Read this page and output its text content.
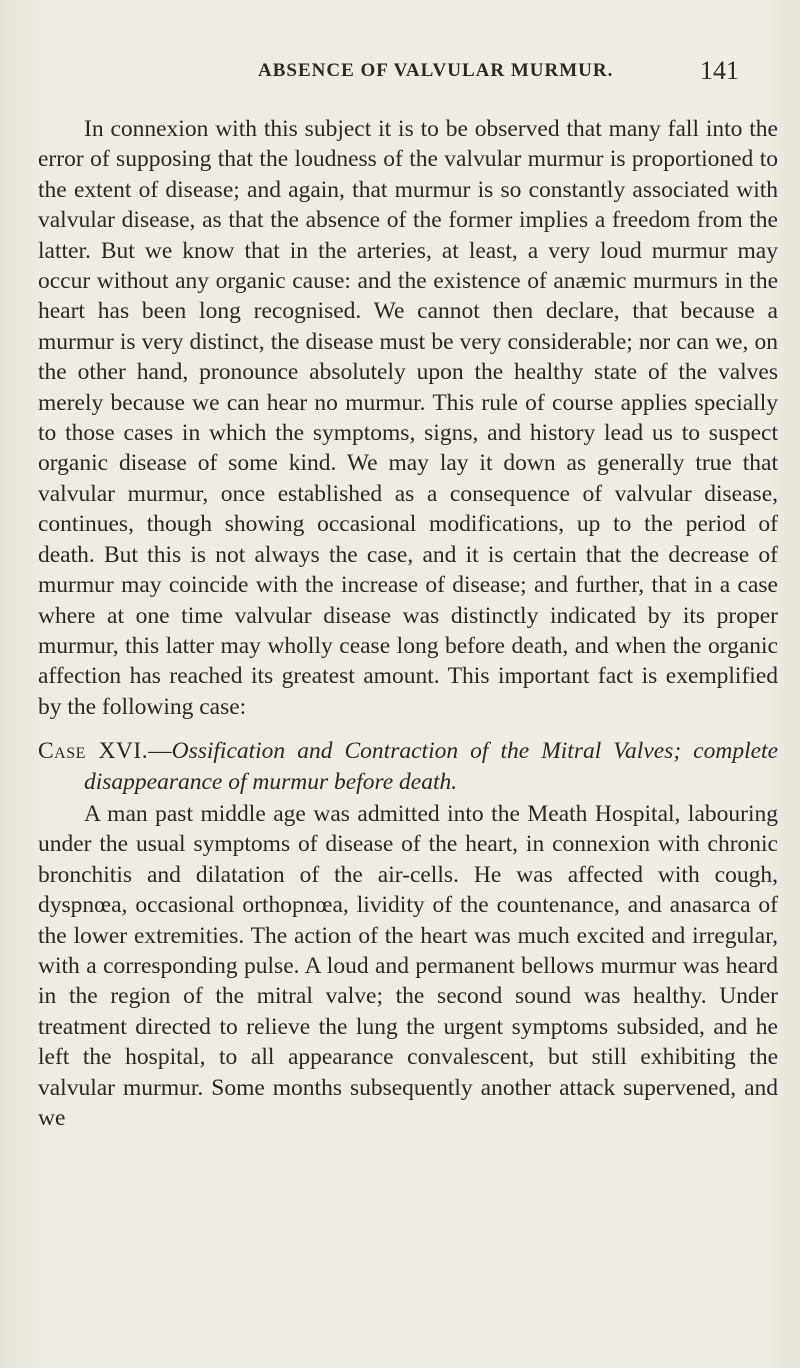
ABSENCE OF VALVULAR MURMUR.	141

In connexion with this subject it is to be observed that many fall into the error of supposing that the loudness of the valvular murmur is proportioned to the extent of disease; and again, that murmur is so constantly associated with valvular disease, as that the absence of the former implies a freedom from the latter. But we know that in the arteries, at least, a very loud murmur may occur without any organic cause: and the existence of anæmic murmurs in the heart has been long recognised. We cannot then declare, that because a murmur is very distinct, the disease must be very considerable; nor can we, on the other hand, pronounce absolutely upon the healthy state of the valves merely because we can hear no murmur. This rule of course applies specially to those cases in which the symptoms, signs, and history lead us to suspect organic disease of some kind. We may lay it down as generally true that valvular murmur, once established as a consequence of valvular disease, continues, though showing occasional modifications, up to the period of death. But this is not always the case, and it is certain that the decrease of murmur may coincide with the increase of disease; and further, that in a case where at one time valvular disease was distinctly indicated by its proper murmur, this latter may wholly cease long before death, and when the organic affection has reached its greatest amount. This important fact is exemplified by the following case:

Case XVI.—Ossification and Contraction of the Mitral Valves; complete disappearance of murmur before death.

A man past middle age was admitted into the Meath Hospital, labouring under the usual symptoms of disease of the heart, in connexion with chronic bronchitis and dilatation of the air-cells. He was affected with cough, dyspnœa, occasional orthopnœa, lividity of the countenance, and anasarca of the lower extremities. The action of the heart was much excited and irregular, with a corresponding pulse. A loud and permanent bellows murmur was heard in the region of the mitral valve; the second sound was healthy. Under treatment directed to relieve the lung the urgent symptoms subsided, and he left the hospital, to all appearance convalescent, but still exhibiting the valvular murmur. Some months subsequently another attack supervened, and we
